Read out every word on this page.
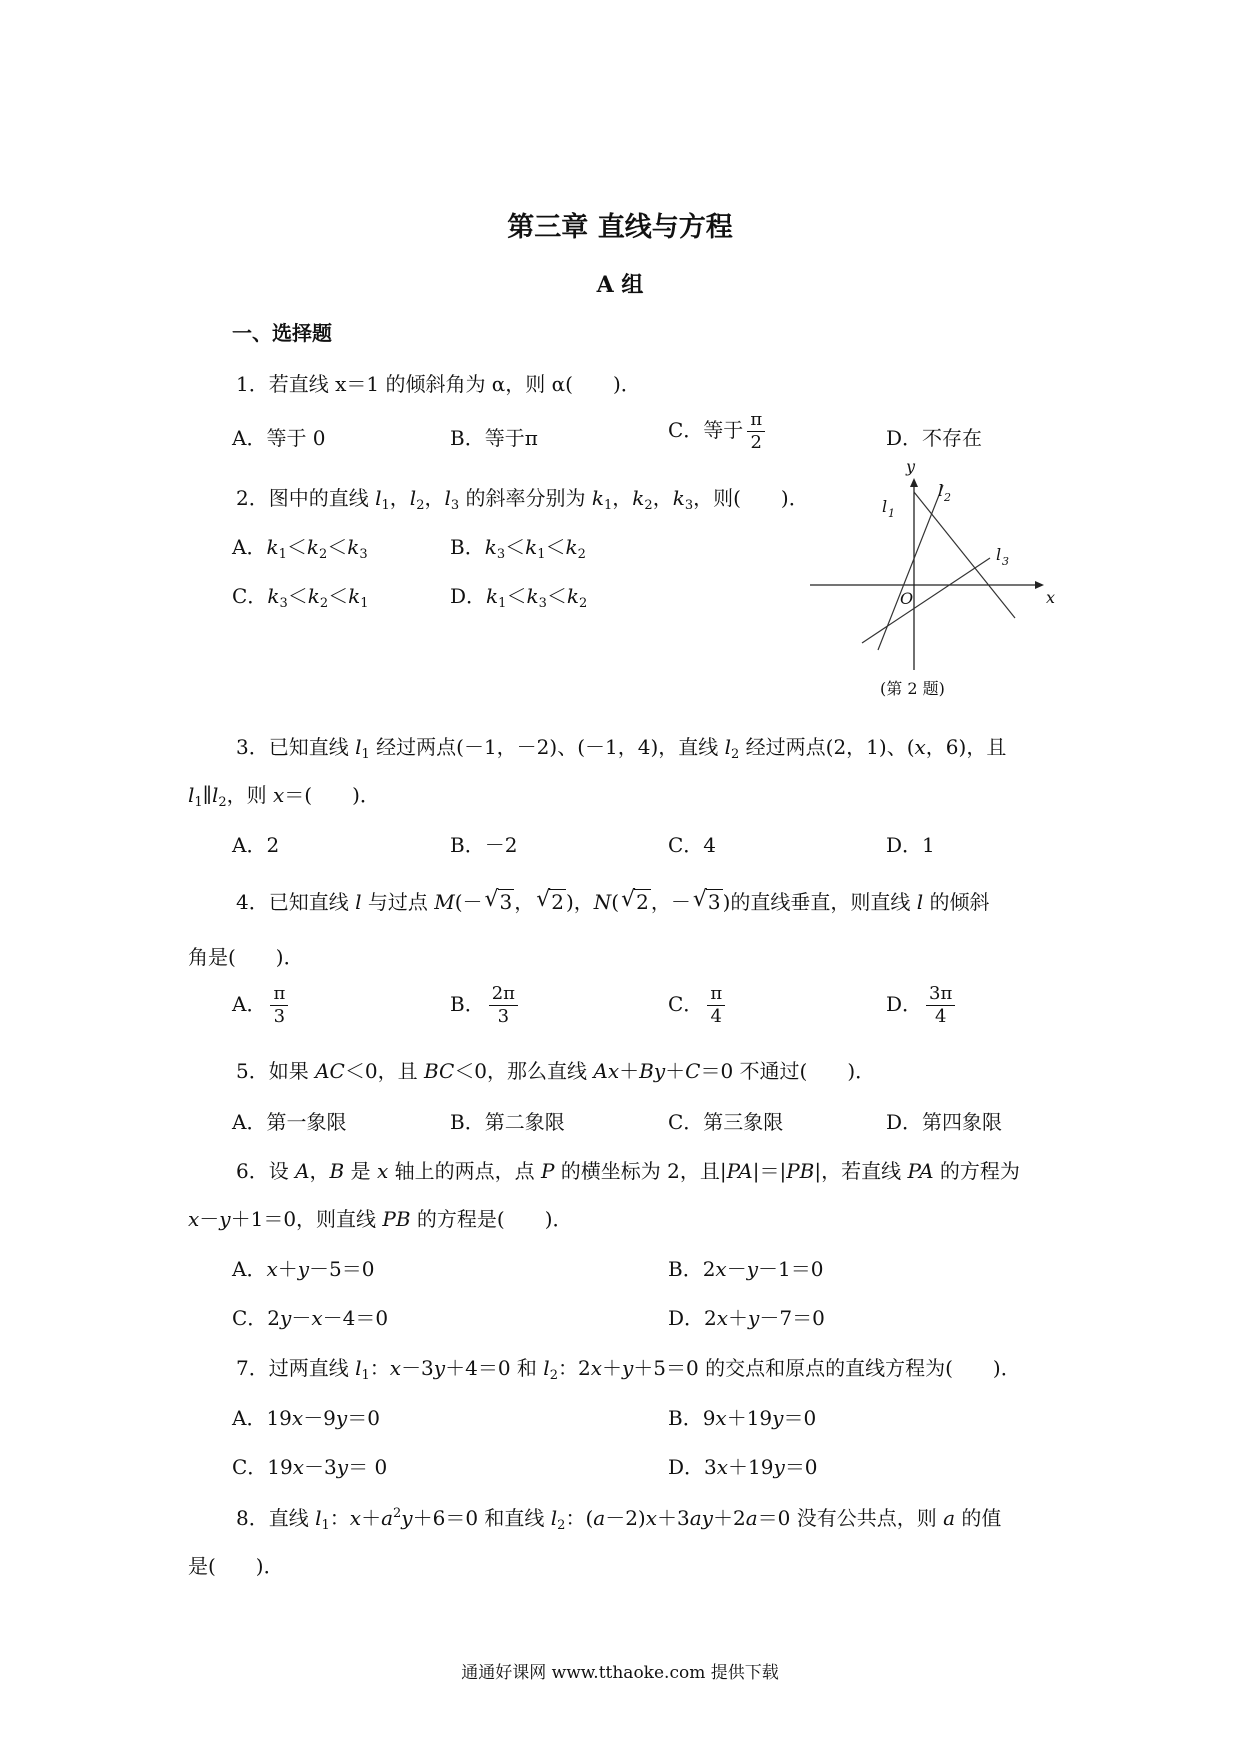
第三章 直线与方程
A 组
一、选择题
1．若直线 x＝1 的倾斜角为 α，则 α(　　)．
A．等于 0	B．等于π	C．等于 $\frac{\pi}{2}$	D．不存在
2．图中的直线 $l_1$，$l_2$，$l_3$ 的斜率分别为 $k_1$，$k_2$，$k_3$，则(　　)．
A．$k_1<k_2<k_3$	B．$k_3<k_1<k_2$
C．$k_3<k_2<k_1$	D．$k_1<k_3<k_2$
y
x
O
l 1
l 2
l 3
(第 2 题)
3．已知直线 $l_1$ 经过两点(－1，－2)、(－1，4)，直线 $l_2$ 经过两点(2，1)、(x，6)，且
$l_1\parallel l_2$，则 x＝(　　)．
A．2	B．－2	C．4	D．1
4．已知直线 l 与过点 M(－ √ 3 ， √ 2 )，N( √ 2 ，－ √ 3 )的直线垂直，则直线 l 的倾斜
角是(　　)．
A． $\frac{\pi}{3}$	B． $\frac{2\pi}{3}$	C． $\frac{\pi}{4}$	D． $\frac{3\pi}{4}$
5．如果 AC＜0，且 BC＜0，那么直线 Ax＋By＋C＝0 不通过(　　)．
A．第一象限	B．第二象限	C．第三象限	D．第四象限
6．设 A，B 是 x 轴上的两点，点 P 的横坐标为 2，且|PA|＝|PB|，若直线 PA 的方程为
x－y＋1＝0，则直线 PB 的方程是(　　)．
A．x＋y－5＝0	B．2x－y－1＝0
C．2y－x－4＝0	D．2x＋y－7＝0
7．过两直线 $l_1$：x－3y＋4＝0 和 $l_2$：2x＋y＋5＝0 的交点和原点的直线方程为(　　)．
A．19x－9y＝0	B．9x＋19y＝0
C．19x－3y＝ 0	D．3x＋19y＝0
8．直线 $l_1$：$x+a^2y+6=0$ 和直线 $l_2$：(a－2)x＋3ay＋2a＝0 没有公共点，则 a 的值
是(　　)．
通通好课网 www.tthaoke.com 提供下载
